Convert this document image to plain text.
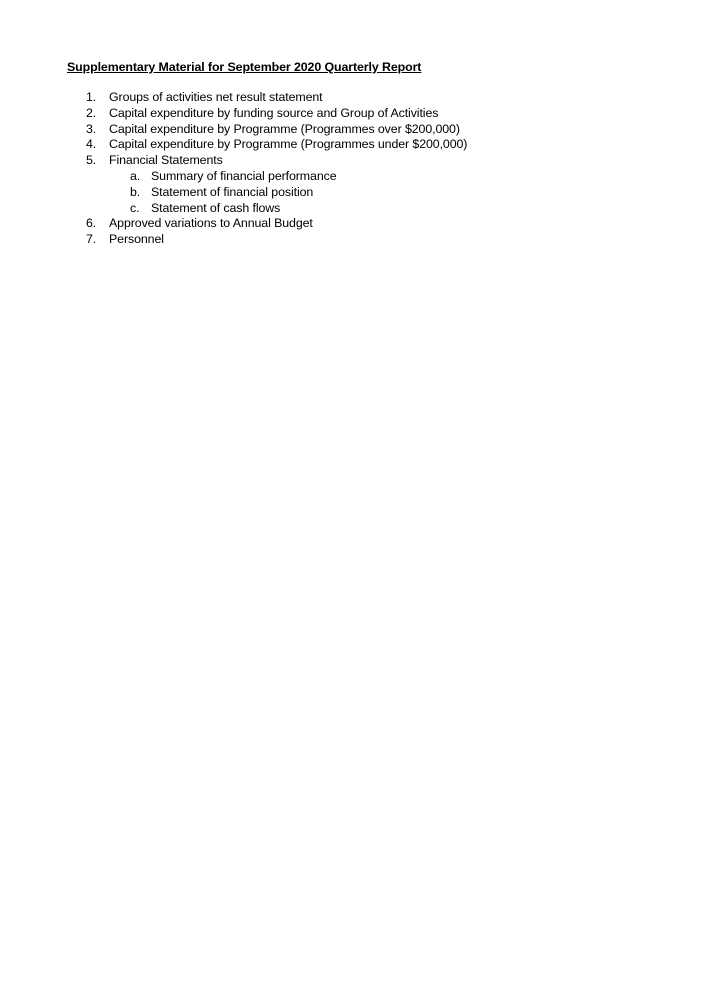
Supplementary Material for September 2020 Quarterly Report
1. Groups of activities net result statement
2. Capital expenditure by funding source and Group of Activities
3. Capital expenditure by Programme (Programmes over $200,000)
4. Capital expenditure by Programme (Programmes under $200,000)
5. Financial Statements
a. Summary of financial performance
b. Statement of financial position
c. Statement of cash flows
6. Approved variations to Annual Budget
7. Personnel
